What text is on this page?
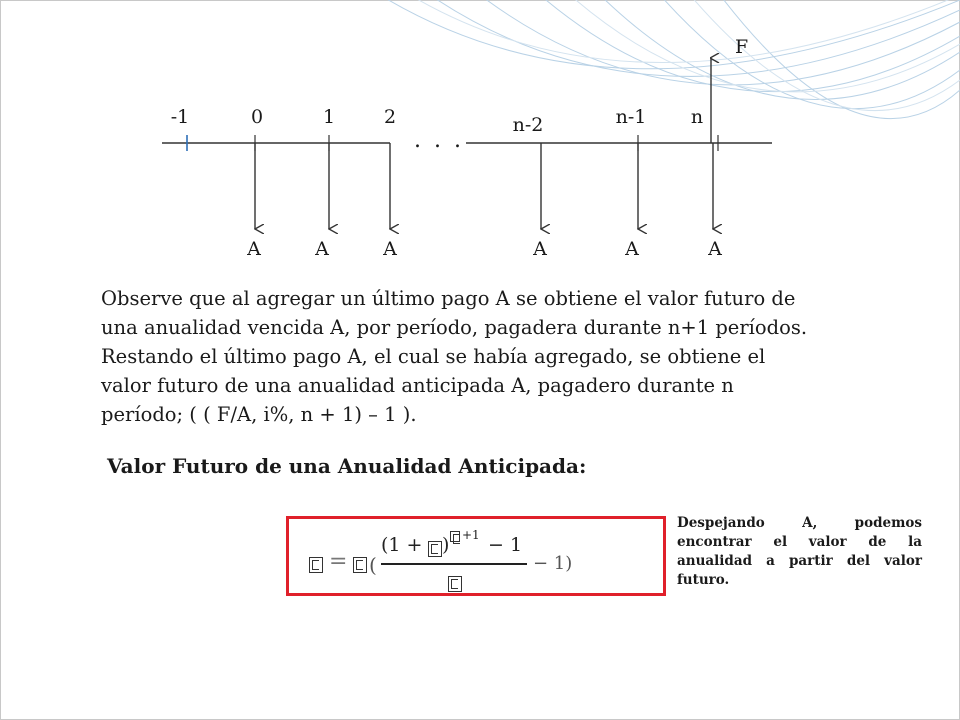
-1	0	1	2	n-2	n-1 n
. . .
F
A	A	A	A	A	A

Observe que al agregar un último pago A se obtiene el valor futuro de una anualidad vencida A, por período, pagadera durante n+1 períodos. Restando el último pago A, el cual se había agregado, se obtiene el valor futuro de una anualidad anticipada A, pagadero durante n período; ( ( F/A, i%, n + 1) – 1 ).

Valor Futuro de una Anualidad Anticipada:

= (
(1 + ) +1 − 1
− 1)

Despejando A, podemos encontrar el valor de la anualidad a partir del valor futuro.
